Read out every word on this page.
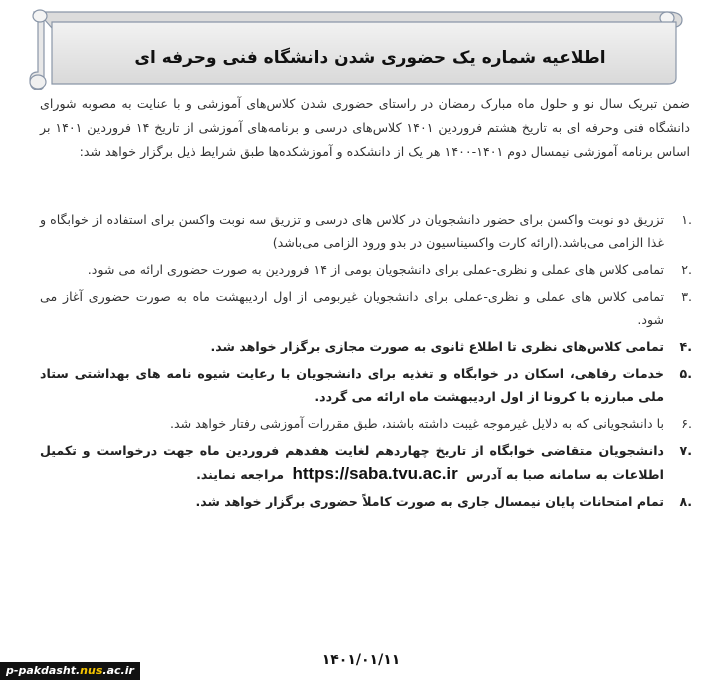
اطلاعیه شماره یک حضوری شدن دانشگاه فنی وحرفه ای

ضمن تبریک سال نو و حلول ماه مبارک رمضان در راستای حضوری شدن کلاس‌های آموزشی و با عنایت به مصوبه شورای دانشگاه فنی وحرفه ای به تاریخ هشتم فروردین ۱۴۰۱ کلاس‌های درسی و برنامه‌های آموزشی از تاریخ ۱۴ فروردین ۱۴۰۱ بر اساس برنامه آموزشی نیمسال دوم ۱۴۰۱-۱۴۰۰ هر یک از دانشکده و آموزشکده‌ها طبق شرایط ذیل برگزار خواهد شد:

.۱
تزریق دو نوبت واکسن برای حضور دانشجویان در کلاس های درسی و تزریق سه نوبت واکسن برای استفاده از خوابگاه و غذا الزامی می‌باشد.(ارائه کارت واکسیناسیون در بدو ورود الزامی می‌باشد)
.۲
تمامی کلاس های عملی و نظری-عملی برای دانشجویان بومی از ۱۴ فروردین به صورت حضوری ارائه می شود.
.۳
تمامی کلاس های عملی و نظری-عملی برای دانشجویان غیربومی از اول اردیبهشت ماه به صورت حضوری آغاز می شود.
.۴
تمامی کلاس‌های نظری تا اطلاع ثانوی به صورت مجازی برگزار خواهد شد.
.۵
خدمات رفاهی، اسکان در خوابگاه و تغذیه برای دانشجویان با رعایت شیوه نامه های بهداشتی ستاد ملی مبارزه با کرونا از اول اردیبهشت ماه ارائه می گردد.
.۶
با دانشجویانی که به دلایل غیرموجه غیبت داشته باشند، طبق مقررات آموزشی رفتار خواهد شد.
.۷
دانشجویان متقاضی خوابگاه از تاریخ چهاردهم لغایت هفدهم فروردین ماه جهت درخواست و تکمیل اطلاعات به سامانه صبا به آدرس https://saba.tvu.ac.ir مراجعه نمایند.
.۸
تمام امتحانات پایان نیمسال جاری به صورت کاملاً حضوری برگزار خواهد شد.
۱۴۰۱/۰۱/۱۱
p-pakdasht.nus.ac.ir
